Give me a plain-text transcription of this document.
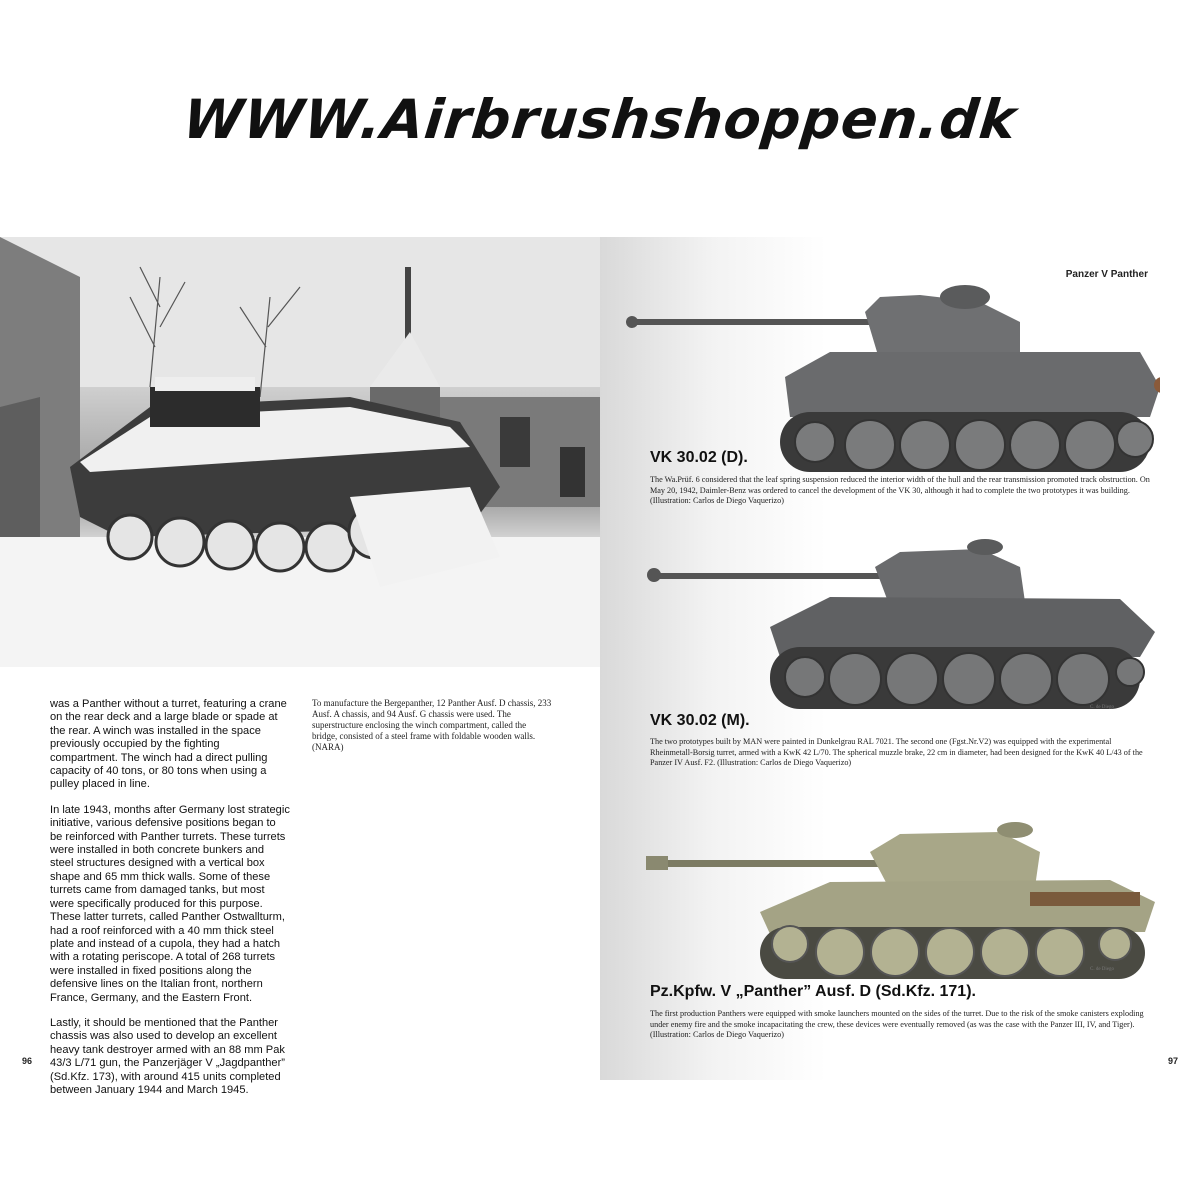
WWW.Airbrushshoppen.dk

was a Panther without a turret, featuring a crane on the rear deck and a large blade or spade at the rear. A winch was installed in the space previously occupied by the fighting compartment. The winch had a direct pulling capacity of 40 tons, or 80 tons when using a pulley placed in line.

In late 1943, months after Germany lost strategic initiative, various defensive positions began to be reinforced with Panther turrets. These turrets were installed in both concrete bunkers and steel structures designed with a vertical box shape and 65 mm thick walls. Some of these turrets came from damaged tanks, but most were specifically produced for this purpose. These latter turrets, called Panther Ostwallturm, had a roof reinforced with a 40 mm thick steel plate and instead of a cupola, they had a hatch with a rotating periscope. A total of 268 turrets were installed in fixed positions along the defensive lines on the Italian front, northern France, Germany, and the Eastern Front.

Lastly, it should be mentioned that the Panther chassis was also used to develop an excellent heavy tank destroyer armed with an 88 mm Pak 43/3 L/71 gun, the Panzerjäger V „Jagdpanther” (Sd.Kfz. 173), with around 415 units completed between January 1944 and March 1945.

To manufacture the Bergepanther, 12 Panther Ausf. D chassis, 233 Ausf. A chassis, and 94 Ausf. G chassis were used. The superstructure enclosing the winch compartment, called the bridge, consisted of a steel frame with foldable wooden walls. (NARA)
96
Panzer V Panther
VK 30.02 (D).
The Wa.Prüf. 6 considered that the leaf spring suspension reduced the interior width of the hull and the rear transmission promoted track obstruction. On May 20, 1942, Daimler-Benz was ordered to cancel the development of the VK 30, although it had to complete the two prototypes it was building. (Illustration: Carlos de Diego Vaquerizo)
C. de Diego
VK 30.02 (M).
The two prototypes built by MAN were painted in Dunkelgrau RAL 7021. The second one (Fgst.Nr.V2) was equipped with the experimental Rheinmetall-Borsig turret, armed with a KwK 42 L/70. The spherical muzzle brake, 22 cm in diameter, had been designed for the KwK 40 L/43 of the Panzer IV Ausf. F2. (Illustration: Carlos de Diego Vaquerizo)
C. de Diego
Pz.Kpfw. V „Panther” Ausf. D (Sd.Kfz. 171).
The first production Panthers were equipped with smoke launchers mounted on the sides of the turret. Due to the risk of the smoke canisters exploding under enemy fire and the smoke incapacitating the crew, these devices were eventually removed (as was the case with the Panzer III, IV, and Tiger). (Illustration: Carlos de Diego Vaquerizo)
97
